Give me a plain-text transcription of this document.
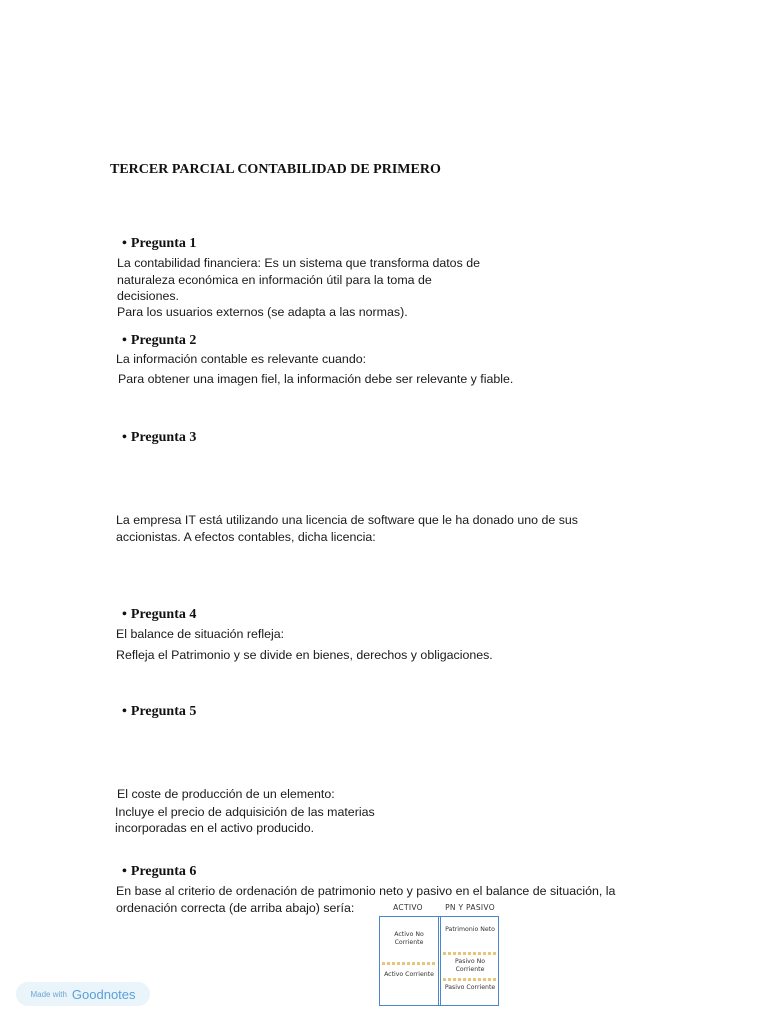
TERCER PARCIAL CONTABILIDAD DE PRIMERO
• Pregunta 1
La contabilidad financiera: Es un sistema que transforma datos de
naturaleza económica en información útil para la toma de
decisiones.
Para los usuarios externos (se adapta a las normas).
• Pregunta 2
La información contable es relevante cuando:
Para obtener una imagen fiel, la información debe ser relevante y fiable.
• Pregunta 3
La empresa IT está utilizando una licencia de software que le ha donado uno de sus
accionistas. A efectos contables, dicha licencia:
• Pregunta 4
El balance de situación refleja:
Refleja el Patrimonio y se divide en bienes, derechos y obligaciones.
• Pregunta 5
El coste de producción de un elemento:
Incluye el precio de adquisición de las materias
incorporadas en el activo producido.
• Pregunta 6
En base al criterio de ordenación de patrimonio neto y pasivo en el balance de situación, la
ordenación correcta (de arriba abajo) sería:	ACTIVO	PN Y PASIVO
Activo No Corriente
Activo Corriente
Patrimonio Neto
Pasivo No Corriente
Pasivo Corriente
Made with Goodnotes
